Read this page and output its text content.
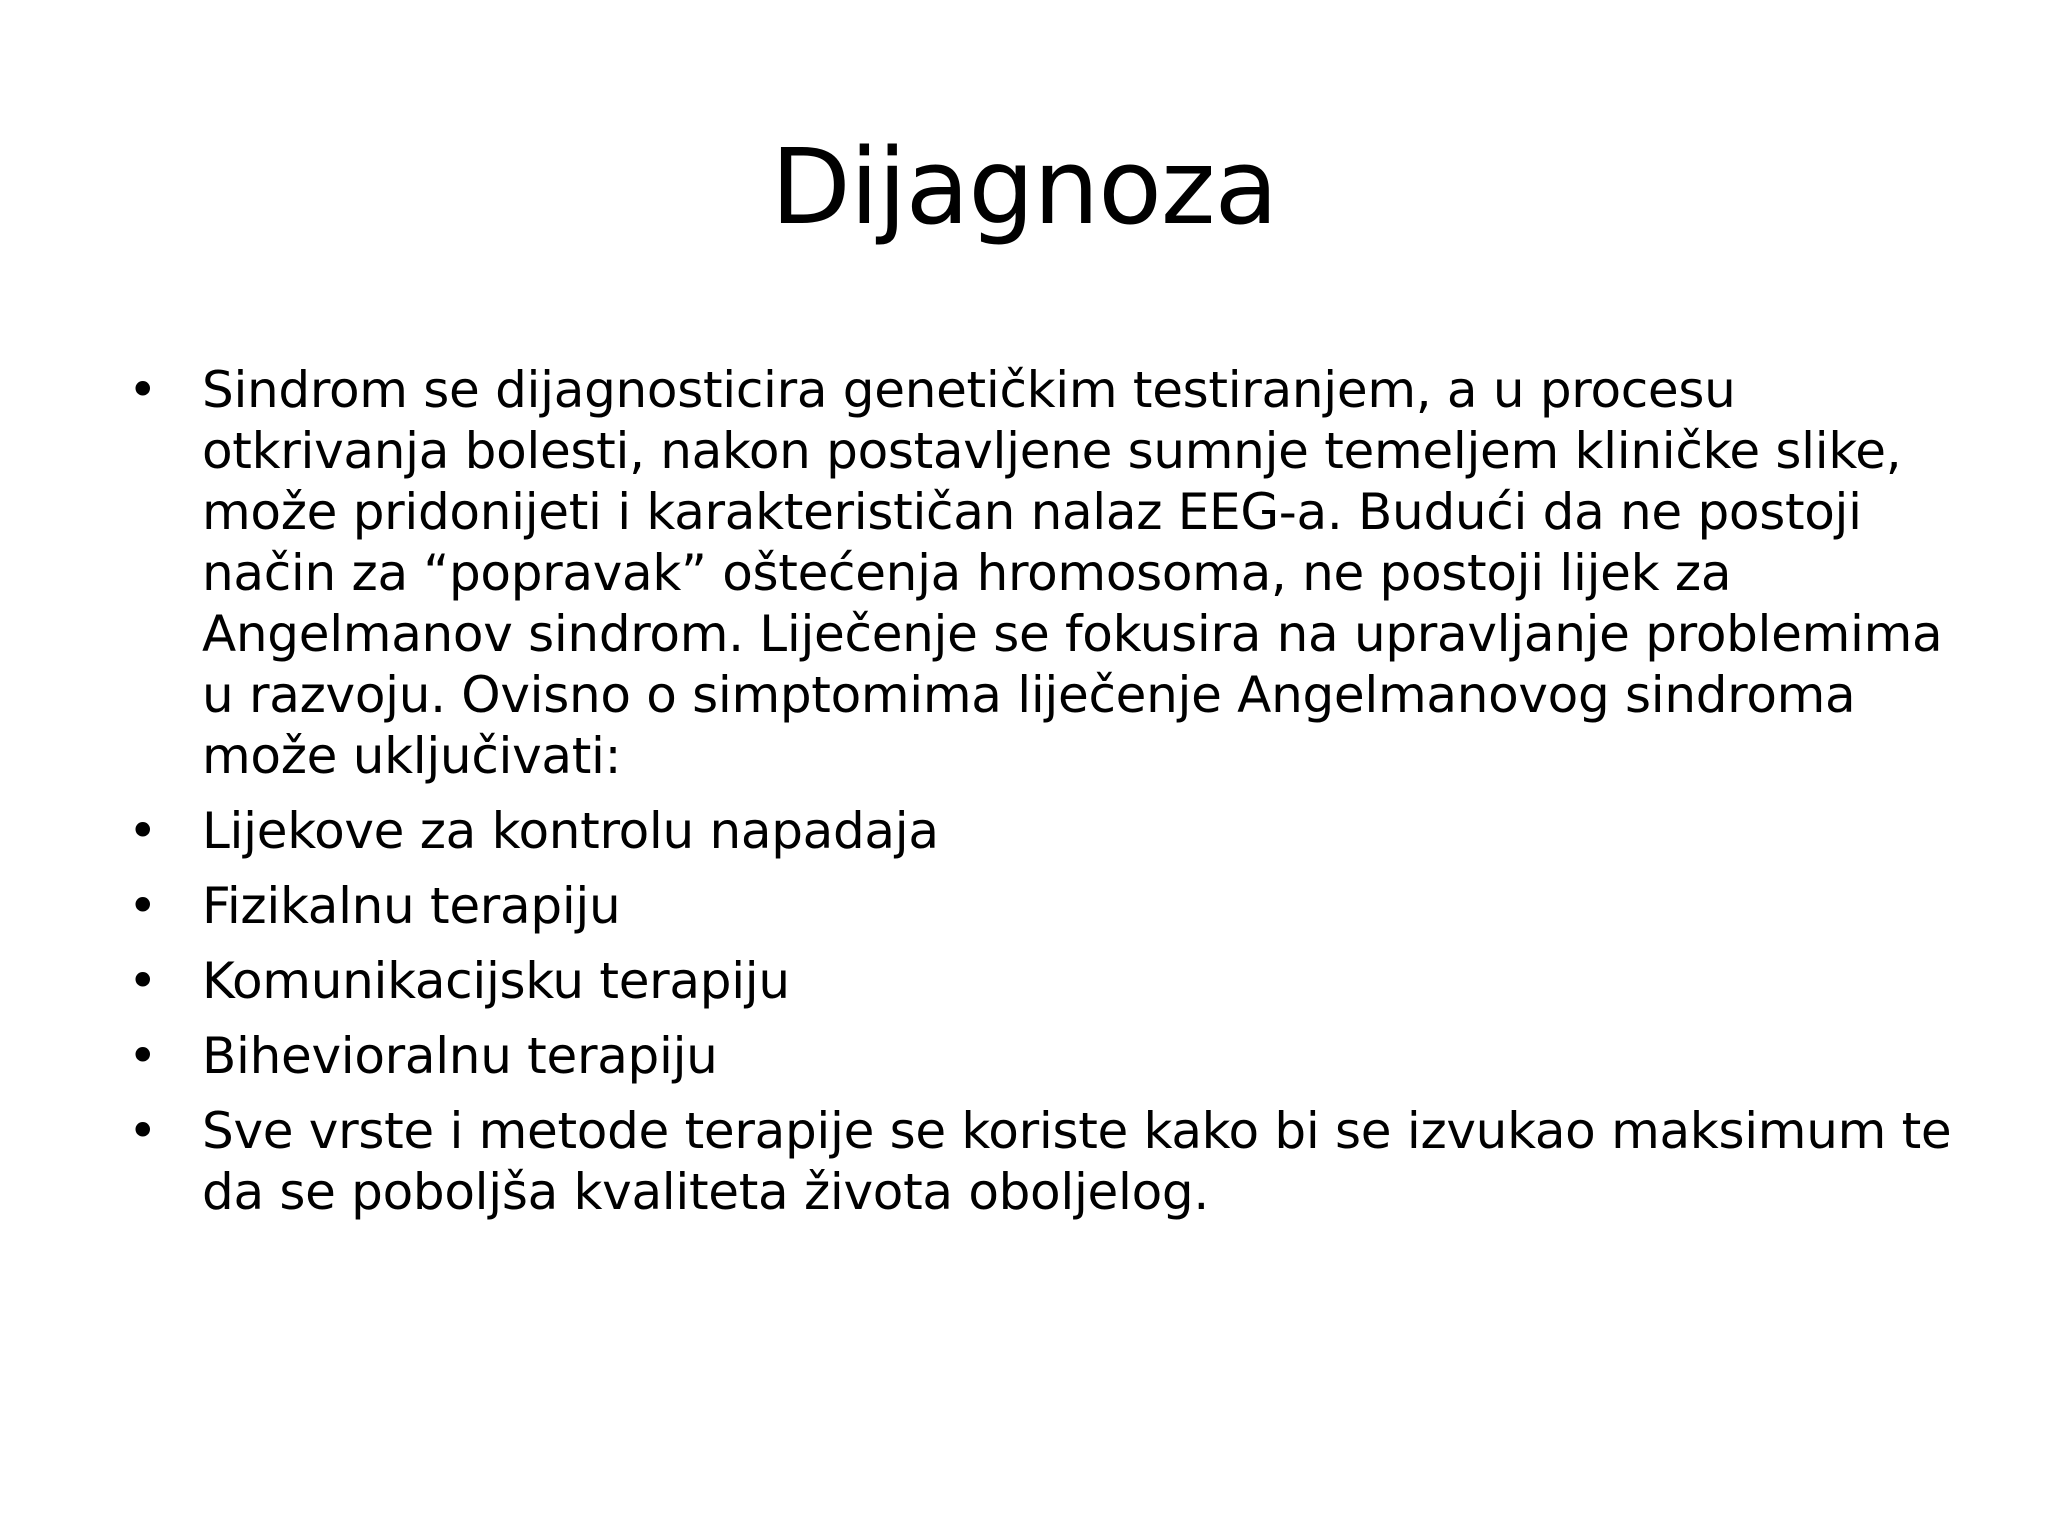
Dijagnoza
• Sindrom se dijagnosticira genetičkim testiranjem, a u procesu otkrivanja bolesti, nakon postavljene sumnje temeljem kliničke slike, može pridonijeti i karakterističan nalaz EEG-a. Budući da ne postoji način za “popravak” oštećenja hromosoma, ne postoji lijek za Angelmanov sindrom. Liječenje se fokusira na upravljanje problemima u razvoju. Ovisno o simptomima liječenje Angelmanovog sindroma može uključivati:
• Lijekove za kontrolu napadaja
• Fizikalnu terapiju
• Komunikacijsku terapiju
• Bihevioralnu terapiju
• Sve vrste i metode terapije se koriste kako bi se izvukao maksimum te da se poboljša kvaliteta života oboljelog.
